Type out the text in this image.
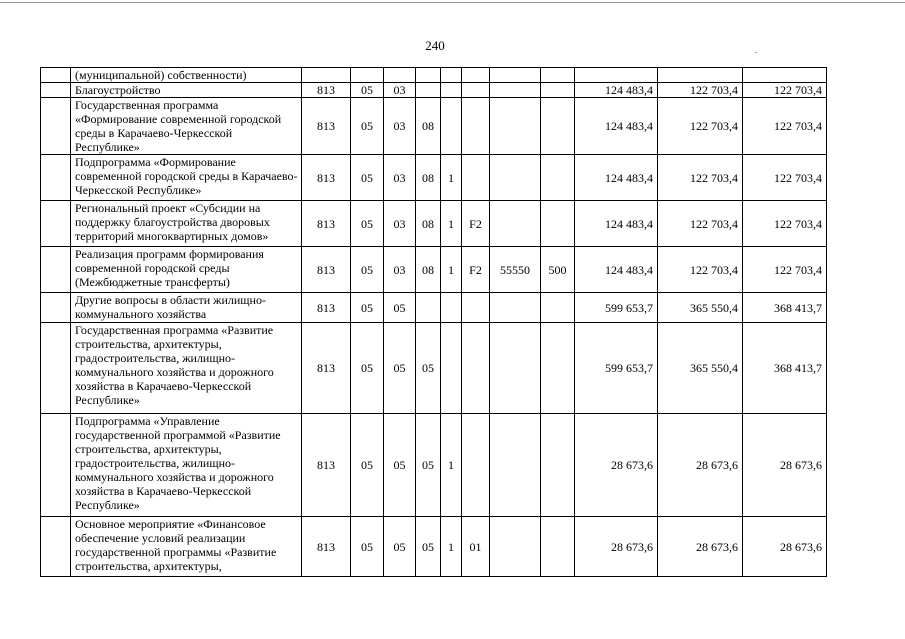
240
	(муниципальной) собственности)											
	Благоустройство	813	05	03						124 483,4	122 703,4	122 703,4
	Государственная программа «Формирование современной городской среды в Карачаево-Черкесской Республике»	813	05	03	08					124 483,4	122 703,4	122 703,4
	Подпрограмма «Формирование современной городской среды в Карачаево-Черкесской Республике»	813	05	03	08	1				124 483,4	122 703,4	122 703,4
	Региональный проект «Субсидии на поддержку благоустройства дворовых территорий многоквартирных домов»	813	05	03	08	1	F2			124 483,4	122 703,4	122 703,4
	Реализация программ формирования современной городской среды (Межбюджетные трансферты)	813	05	03	08	1	F2	55550	500	124 483,4	122 703,4	122 703,4
	Другие вопросы в области жилищно-коммунального хозяйства	813	05	05						599 653,7	365 550,4	368 413,7
	Государственная программа «Развитие строительства, архитектуры, градостроительства, жилищно-коммунального хозяйства и дорожного хозяйства в Карачаево-Черкесской Республике»	813	05	05	05					599 653,7	365 550,4	368 413,7
	Подпрограмма «Управление государственной программой «Развитие строительства, архитектуры, градостроительства, жилищно-коммунального хозяйства и дорожного хозяйства в Карачаево-Черкесской Республике»	813	05	05	05	1				28 673,6	28 673,6	28 673,6
	Основное мероприятие «Финансовое обеспечение условий реализации государственной программы «Развитие строительства, архитектуры,	813	05	05	05	1	01			28 673,6	28 673,6	28 673,6
